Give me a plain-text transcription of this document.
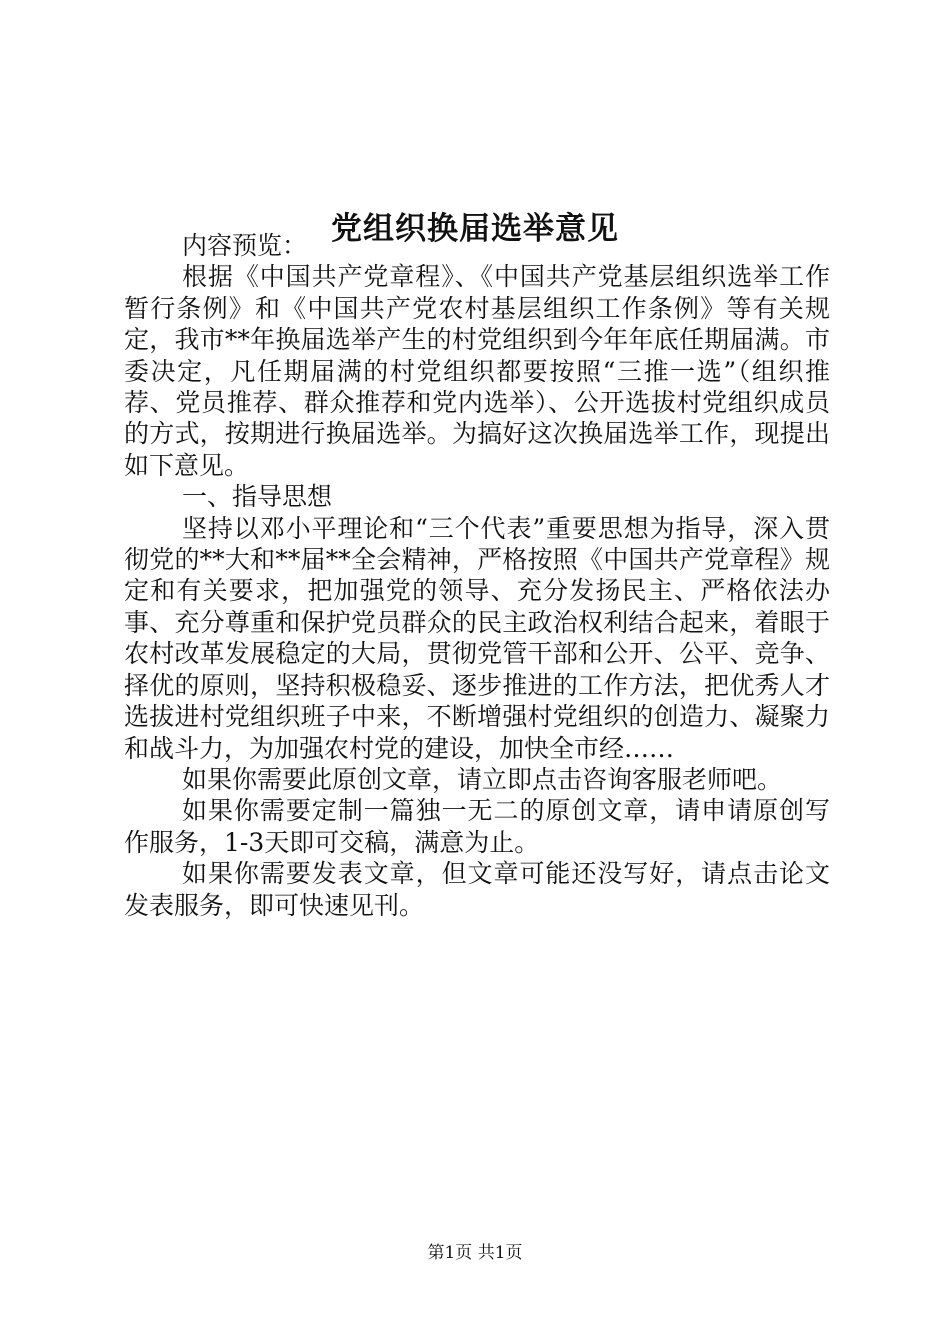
党组织换届选举意见

内容预览：

根据《中国共产党章程》、《中国共产党基层组织选举工作暂行条例》和《中国共产党农村基层组织工作条例》等有关规定，我市**年换届选举产生的村党组织到今年年底任期届满。市委决定，凡任期届满的村党组织都要按照“三推一选”（组织推荐、党员推荐、群众推荐和党内选举）、公开选拔村党组织成员的方式，按期进行换届选举。为搞好这次换届选举工作，现提出如下意见。

一、指导思想

坚持以邓小平理论和“三个代表”重要思想为指导，深入贯彻党的**大和**届**全会精神，严格按照《中国共产党章程》规定和有关要求，把加强党的领导、充分发扬民主、严格依法办事、充分尊重和保护党员群众的民主政治权利结合起来，着眼于农村改革发展稳定的大局，贯彻党管干部和公开、公平、竞争、择优的原则，坚持积极稳妥、逐步推进的工作方法，把优秀人才选拔进村党组织班子中来，不断增强村党组织的创造力、凝聚力和战斗力，为加强农村党的建设，加快全市经……

如果你需要此原创文章，请立即点击咨询客服老师吧。

如果你需要定制一篇独一无二的原创文章，请申请原创写作服务，1-3天即可交稿，满意为止。

如果你需要发表文章，但文章可能还没写好，请点击论文发表服务，即可快速见刊。

第1页 共1页
